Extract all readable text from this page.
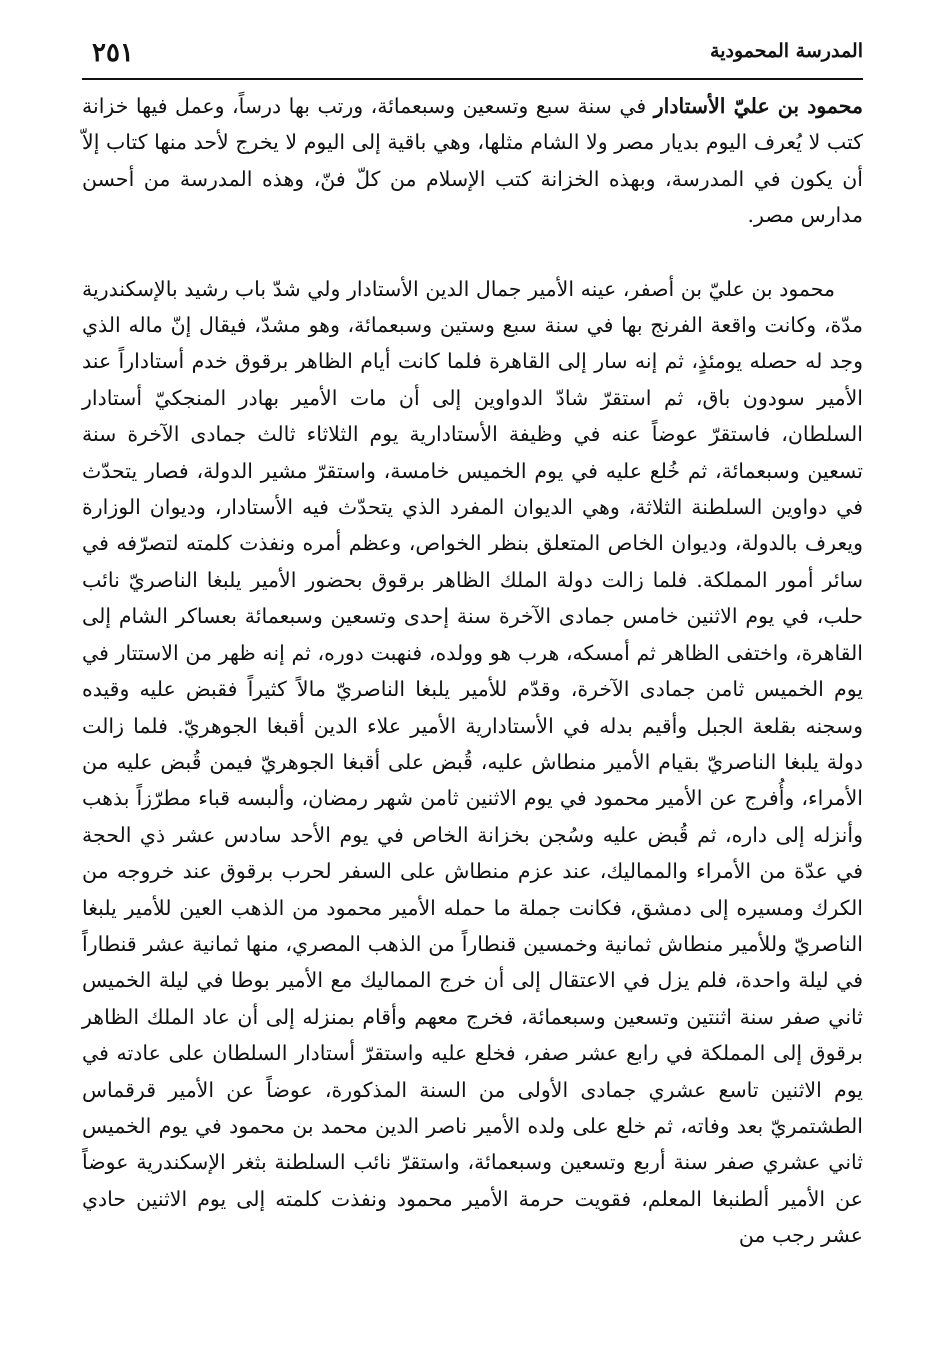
المدرسة المحمودية
٢٥١

محمود بن عليّ الأستادار في سنة سبع وتسعين وسبعمائة، ورتب بها درساً، وعمل فيها خزانة كتب لا يُعرف اليوم بديار مصر ولا الشام مثلها، وهي باقية إلى اليوم لا يخرج لأحد منها كتاب إلاّ أن يكون في المدرسة، وبهذه الخزانة كتب الإسلام من كلّ فنّ، وهذه المدرسة من أحسن مدارس مصر.

محمود بن عليّ بن أصفر، عينه الأمير جمال الدين الأستادار ولي شدّ باب رشيد بالإسكندرية مدّة، وكانت واقعة الفرنج بها في سنة سبع وستين وسبعمائة، وهو مشدّ، فيقال إنّ ماله الذي وجد له حصله يومئذٍ، ثم إنه سار إلى القاهرة فلما كانت أيام الظاهر برقوق خدم أستاداراً عند الأمير سودون باق، ثم استقرّ شادّ الدواوين إلى أن مات الأمير بهادر المنجكيّ أستادار السلطان، فاستقرّ عوضاً عنه في وظيفة الأستادارية يوم الثلاثاء ثالث جمادى الآخرة سنة تسعين وسبعمائة، ثم خُلع عليه في يوم الخميس خامسة، واستقرّ مشير الدولة، فصار يتحدّث في دواوين السلطنة الثلاثة، وهي الديوان المفرد الذي يتحدّث فيه الأستادار، وديوان الوزارة ويعرف بالدولة، وديوان الخاص المتعلق بنظر الخواص، وعظم أمره ونفذت كلمته لتصرّفه في سائر أمور المملكة. فلما زالت دولة الملك الظاهر برقوق بحضور الأمير يلبغا الناصريّ نائب حلب، في يوم الاثنين خامس جمادى الآخرة سنة إحدى وتسعين وسبعمائة بعساكر الشام إلى القاهرة، واختفى الظاهر ثم أمسكه، هرب هو وولده، فنهبت دوره، ثم إنه ظهر من الاستتار في يوم الخميس ثامن جمادى الآخرة، وقدّم للأمير يلبغا الناصريّ مالاً كثيراً فقبض عليه وقيده وسجنه بقلعة الجبل وأقيم بدله في الأستادارية الأمير علاء الدين أقبغا الجوهريّ. فلما زالت دولة يلبغا الناصريّ بقيام الأمير منطاش عليه، قُبض على أقبغا الجوهريّ فيمن قُبض عليه من الأمراء، وأُفرج عن الأمير محمود في يوم الاثنين ثامن شهر رمضان، وألبسه قباء مطرّزاً بذهب وأنزله إلى داره، ثم قُبض عليه وسُجن بخزانة الخاص في يوم الأحد سادس عشر ذي الحجة في عدّة من الأمراء والمماليك، عند عزم منطاش على السفر لحرب برقوق عند خروجه من الكرك ومسيره إلى دمشق، فكانت جملة ما حمله الأمير محمود من الذهب العين للأمير يلبغا الناصريّ وللأمير منطاش ثمانية وخمسين قنطاراً من الذهب المصري، منها ثمانية عشر قنطاراً في ليلة واحدة، فلم يزل في الاعتقال إلى أن خرج المماليك مع الأمير بوطا في ليلة الخميس ثاني صفر سنة اثنتين وتسعين وسبعمائة، فخرج معهم وأقام بمنزله إلى أن عاد الملك الظاهر برقوق إلى المملكة في رابع عشر صفر، فخلع عليه واستقرّ أستادار السلطان على عادته في يوم الاثنين تاسع عشري جمادى الأولى من السنة المذكورة، عوضاً عن الأمير قرقماس الطشتمريّ بعد وفاته، ثم خلع على ولده الأمير ناصر الدين محمد بن محمود في يوم الخميس ثاني عشري صفر سنة أربع وتسعين وسبعمائة، واستقرّ نائب السلطنة بثغر الإسكندرية عوضاً عن الأمير ألطنبغا المعلم، فقويت حرمة الأمير محمود ونفذت كلمته إلى يوم الاثنين حادي عشر رجب من
